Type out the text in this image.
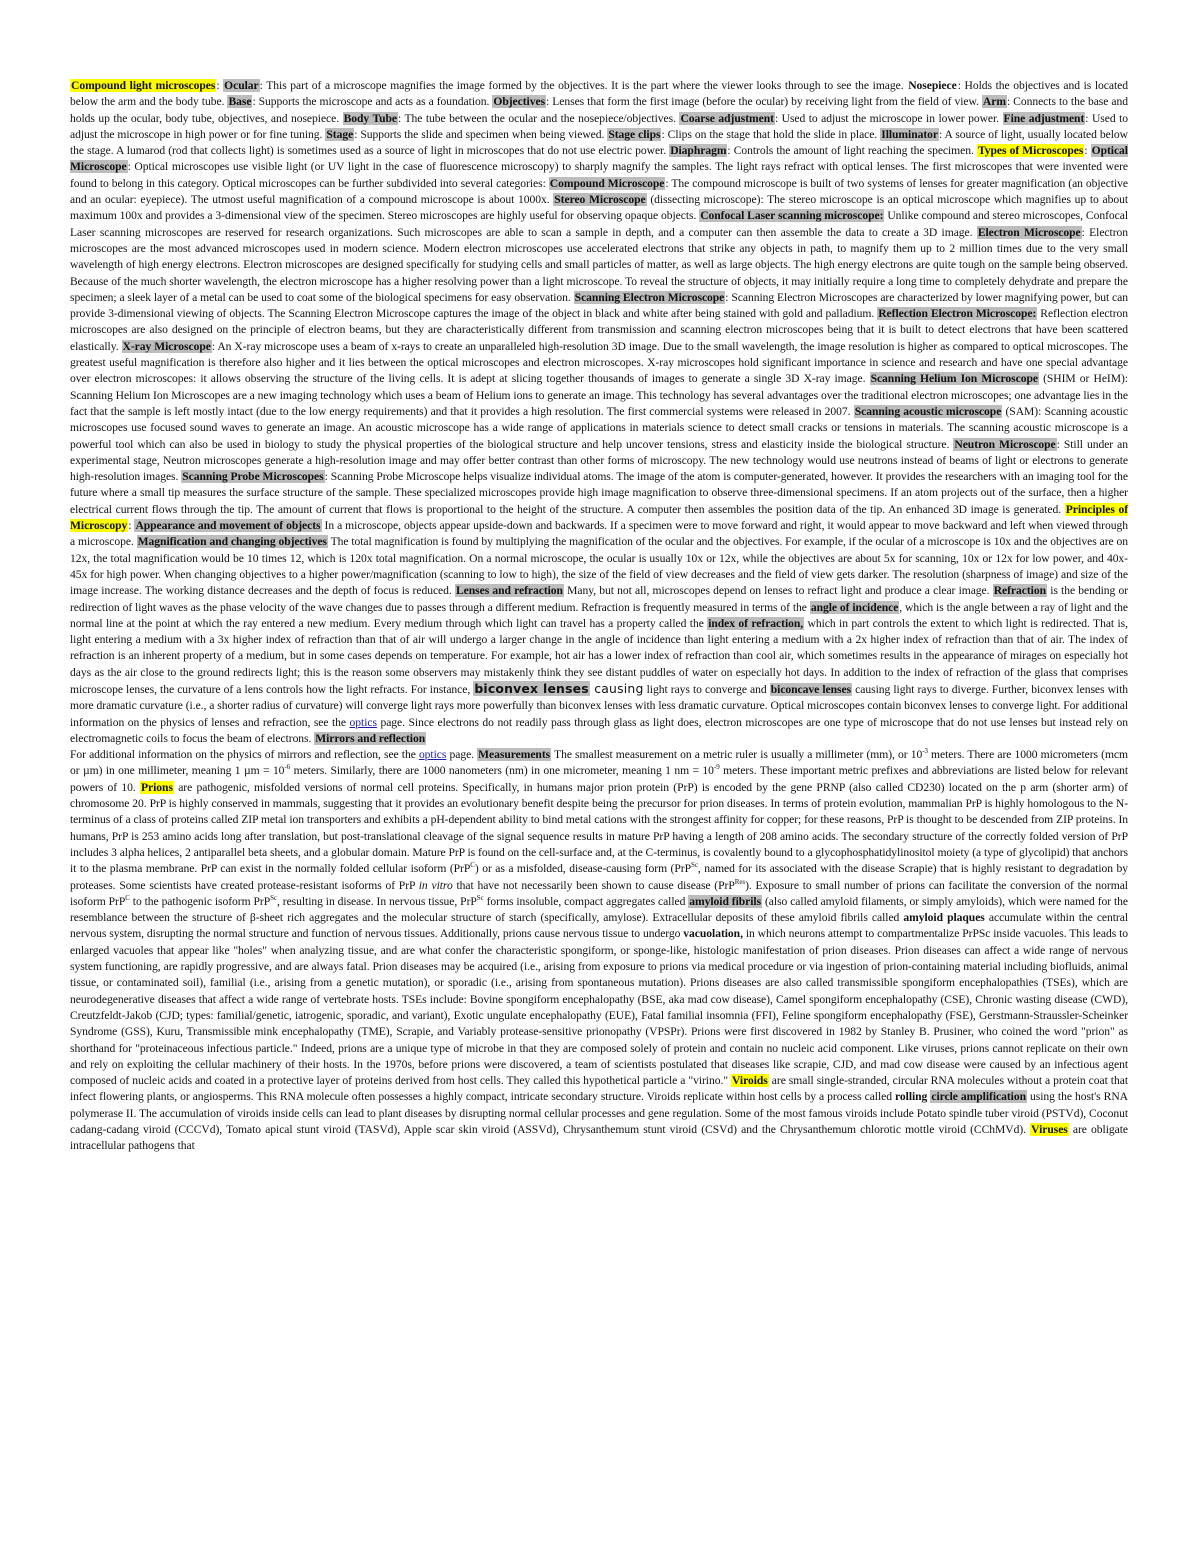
Compound light microscopes: Ocular: This part of a microscope magnifies the image formed by the objectives. It is the part where the viewer looks through to see the image. Nosepiece: Holds the objectives and is located below the arm and the body tube. Base: Supports the microscope and acts as a foundation. Objectives: Lenses that form the first image (before the ocular) by receiving light from the field of view. Arm: Connects to the base and holds up the ocular, body tube, objectives, and nosepiece. Body Tube: The tube between the ocular and the nosepiece/objectives. Coarse adjustment: Used to adjust the microscope in lower power. Fine adjustment: Used to adjust the microscope in high power or for fine tuning. Stage: Supports the slide and specimen when being viewed. Stage clips: Clips on the stage that hold the slide in place. Illuminator: A source of light, usually located below the stage. A lumarod (rod that collects light) is sometimes used as a source of light in microscopes that do not use electric power. Diaphragm: Controls the amount of light reaching the specimen. Types of Microscopes: Optical Microscope: Optical microscopes use visible light (or UV light in the case of fluorescence microscopy) to sharply magnify the samples. The light rays refract with optical lenses. The first microscopes that were invented were found to belong in this category. Optical microscopes can be further subdivided into several categories: Compound Microscope: The compound microscope is built of two systems of lenses for greater magnification (an objective and an ocular: eyepiece). The utmost useful magnification of a compound microscope is about 1000x. Stereo Microscope (dissecting microscope): The stereo microscope is an optical microscope which magnifies up to about maximum 100x and provides a 3-dimensional view of the specimen. Stereo microscopes are highly useful for observing opaque objects. Confocal Laser scanning microscope: Unlike compound and stereo microscopes, Confocal Laser scanning microscopes are reserved for research organizations. Such microscopes are able to scan a sample in depth, and a computer can then assemble the data to create a 3D image. Electron Microscope: Electron microscopes are the most advanced microscopes used in modern science. Modern electron microscopes use accelerated electrons that strike any objects in path, to magnify them up to 2 million times due to the very small wavelength of high energy electrons. Electron microscopes are designed specifically for studying cells and small particles of matter, as well as large objects. The high energy electrons are quite tough on the sample being observed. Because of the much shorter wavelength, the electron microscope has a higher resolving power than a light microscope. To reveal the structure of objects, it may initially require a long time to completely dehydrate and prepare the specimen; a sleek layer of a metal can be used to coat some of the biological specimens for easy observation. Scanning Electron Microscope: Scanning Electron Microscopes are characterized by lower magnifying power, but can provide 3-dimensional viewing of objects. The Scanning Electron Microscope captures the image of the object in black and white after being stained with gold and palladium. Reflection Electron Microscope: Reflection electron microscopes are also designed on the principle of electron beams, but they are characteristically different from transmission and scanning electron microscopes being that it is built to detect electrons that have been scattered elastically. X-ray Microscope: An X-ray microscope uses a beam of x-rays to create an unparalleled high-resolution 3D image. Due to the small wavelength, the image resolution is higher as compared to optical microscopes. The greatest useful magnification is therefore also higher and it lies between the optical microscopes and electron microscopes. X-ray microscopes hold significant importance in science and research and have one special advantage over electron microscopes: it allows observing the structure of the living cells. It is adept at slicing together thousands of images to generate a single 3D X-ray image. Scanning Helium Ion Microscope (SHIM or HeIM): Scanning Helium Ion Microscopes are a new imaging technology which uses a beam of Helium ions to generate an image. This technology has several advantages over the traditional electron microscopes; one advantage lies in the fact that the sample is left mostly intact (due to the low energy requirements) and that it provides a high resolution. The first commercial systems were released in 2007. Scanning acoustic microscope (SAM): Scanning acoustic microscopes use focused sound waves to generate an image. An acoustic microscope has a wide range of applications in materials science to detect small cracks or tensions in materials. The scanning acoustic microscope is a powerful tool which can also be used in biology to study the physical properties of the biological structure and help uncover tensions, stress and elasticity inside the biological structure. Neutron Microscope: Still under an experimental stage, Neutron microscopes generate a high-resolution image and may offer better contrast than other forms of microscopy. The new technology would use neutrons instead of beams of light or electrons to generate high-resolution images. Scanning Probe Microscopes: Scanning Probe Microscope helps visualize individual atoms. The image of the atom is computer-generated, however. It provides the researchers with an imaging tool for the future where a small tip measures the surface structure of the sample. These specialized microscopes provide high image magnification to observe three-dimensional specimens. If an atom projects out of the surface, then a higher electrical current flows through the tip. The amount of current that flows is proportional to the height of the structure. A computer then assembles the position data of the tip. An enhanced 3D image is generated. Principles of Microscopy: Appearance and movement of objects In a microscope, objects appear upside-down and backwards. If a specimen were to move forward and right, it would appear to move backward and left when viewed through a microscope. Magnification and changing objectives The total magnification is found by multiplying the magnification of the ocular and the objectives. For example, if the ocular of a microscope is 10x and the objectives are on 12x, the total magnification would be 10 times 12, which is 120x total magnification. On a normal microscope, the ocular is usually 10x or 12x, while the objectives are about 5x for scanning, 10x or 12x for low power, and 40x-45x for high power. When changing objectives to a higher power/magnification (scanning to low to high), the size of the field of view decreases and the field of view gets darker. The resolution (sharpness of image) and size of the image increase. The working distance decreases and the depth of focus is reduced. Lenses and refraction Many, but not all, microscopes depend on lenses to refract light and produce a clear image. Refraction is the bending or redirection of light waves as the phase velocity of the wave changes due to passes through a different medium. Refraction is frequently measured in terms of the angle of incidence, which is the angle between a ray of light and the normal line at the point at which the ray entered a new medium. Every medium through which light can travel has a property called the index of refraction, which in part controls the extent to which light is redirected. That is, light entering a medium with a 3x higher index of refraction than that of air will undergo a larger change in the angle of incidence than light entering a medium with a 2x higher index of refraction than that of air. The index of refraction is an inherent property of a medium, but in some cases depends on temperature. For example, hot air has a lower index of refraction than cool air, which sometimes results in the appearance of mirages on especially hot days as the air close to the ground redirects light; this is the reason some observers may mistakenly think they see distant puddles of water on especially hot days. In addition to the index of refraction of the glass that comprises microscope lenses, the curvature of a lens controls how the light refracts. For instance, biconvex lenses causing light rays to converge and biconcave lenses causing light rays to diverge. Further, biconvex lenses with more dramatic curvature (i.e., a shorter radius of curvature) will converge light rays more powerfully than biconvex lenses with less dramatic curvature. Optical microscopes contain biconvex lenses to converge light. For additional information on the physics of lenses and refraction, see the optics page. Since electrons do not readily pass through glass as light does, electron microscopes are one type of microscope that do not use lenses but instead rely on electromagnetic coils to focus the beam of electrons. Mirrors and reflection
For additional information on the physics of mirrors and reflection, see the optics page. Measurements The smallest measurement on a metric ruler is usually a millimeter (mm), or $10^{-3}$ meters. There are 1000 micrometers (mcm or µm) in one millimeter, meaning 1 $\mu m = 10^{-6}$ meters. Similarly, there are 1000 nanometers (nm) in one micrometer, meaning 1 nm = $10^{-9}$ meters. These important metric prefixes and abbreviations are listed below for relevant powers of 10. Prions are pathogenic, misfolded versions of normal cell proteins. Specifically, in humans major prion protein (PrP) is encoded by the gene PRNP (also called CD230) located on the p arm (shorter arm) of chromosome 20. PrP is highly conserved in mammals, suggesting that it provides an evolutionary benefit despite being the precursor for prion diseases. In terms of protein evolution, mammalian PrP is highly homologous to the N-terminus of a class of proteins called ZIP metal ion transporters and exhibits a pH-dependent ability to bind metal cations with the strongest affinity for copper; for these reasons, PrP is thought to be descended from ZIP proteins. In humans, PrP is 253 amino acids long after translation, but post-translational cleavage of the signal sequence results in mature PrP having a length of 208 amino acids. The secondary structure of the correctly folded version of PrP includes 3 alpha helices, 2 antiparallel beta sheets, and a globular domain. Mature PrP is found on the cell-surface and, at the C-terminus, is covalently bound to a glycophosphatidylinositol moiety (a type of glycolipid) that anchors it to the plasma membrane. PrP can exist in the normally folded cellular isoform (PrP$^C$) or as a misfolded, disease-causing form (PrP$^{Sc}$, named for its associated with the disease Scrapie) that is highly resistant to degradation by proteases. Some scientists have created protease-resistant isoforms of PrP in vitro that have not necessarily been shown to cause disease (PrP$^{Res}$). Exposure to small number of prions can facilitate the conversion of the normal isoform PrP$^C$ to the pathogenic isoform PrP$^{Sc}$, resulting in disease. In nervous tissue, PrP$^{Sc}$ forms insoluble, compact aggregates called amyloid fibrils (also called amyloid filaments, or simply amyloids), which were named for the resemblance between the structure of β-sheet rich aggregates and the molecular structure of starch (specifically, amylose). Extracellular deposits of these amyloid fibrils called amyloid plaques accumulate within the central nervous system, disrupting the normal structure and function of nervous tissues. Additionally, prions cause nervous tissue to undergo vacuolation, in which neurons attempt to compartmentalize PrPSc inside vacuoles. This leads to enlarged vacuoles that appear like "holes" when analyzing tissue, and are what confer the characteristic spongiform, or sponge-like, histologic manifestation of prion diseases. Prion diseases can affect a wide range of nervous system functioning, are rapidly progressive, and are always fatal. Prion diseases may be acquired (i.e., arising from exposure to prions via medical procedure or via ingestion of prion-containing material including biofluids, animal tissue, or contaminated soil), familial (i.e., arising from a genetic mutation), or sporadic (i.e., arising from spontaneous mutation). Prions diseases are also called transmissible spongiform encephalopathies (TSEs), which are neurodegenerative diseases that affect a wide range of vertebrate hosts. TSEs include: Bovine spongiform encephalopathy (BSE, aka mad cow disease), Camel spongiform encephalopathy (CSE), Chronic wasting disease (CWD), Creutzfeldt-Jakob (CJD; types: familial/genetic, iatrogenic, sporadic, and variant), Exotic ungulate encephalopathy (EUE), Fatal familial insomnia (FFI), Feline spongiform encephalopathy (FSE), Gerstmann-Straussler-Scheinker Syndrome (GSS), Kuru, Transmissible mink encephalopathy (TME), Scrapie, and Variably protease-sensitive prionopathy (VPSPr). Prions were first discovered in 1982 by Stanley B. Prusiner, who coined the word "prion" as shorthand for "proteinaceous infectious particle." Indeed, prions are a unique type of microbe in that they are composed solely of protein and contain no nucleic acid component. Like viruses, prions cannot replicate on their own and rely on exploiting the cellular machinery of their hosts. In the 1970s, before prions were discovered, a team of scientists postulated that diseases like scrapie, CJD, and mad cow disease were caused by an infectious agent composed of nucleic acids and coated in a protective layer of proteins derived from host cells. They called this hypothetical particle a "virino." Viroids are small single-stranded, circular RNA molecules without a protein coat that infect flowering plants, or angiosperms. This RNA molecule often possesses a highly compact, intricate secondary structure. Viroids replicate within host cells by a process called rolling circle amplification using the host's RNA polymerase II. The accumulation of viroids inside cells can lead to plant diseases by disrupting normal cellular processes and gene regulation. Some of the most famous viroids include Potato spindle tuber viroid (PSTVd), Coconut cadang-cadang viroid (CCCVd), Tomato apical stunt viroid (TASVd), Apple scar skin viroid (ASSVd), Chrysanthemum stunt viroid (CSVd) and the Chrysanthemum chlorotic mottle viroid (CChMVd). Viruses are obligate intracellular pathogens that
